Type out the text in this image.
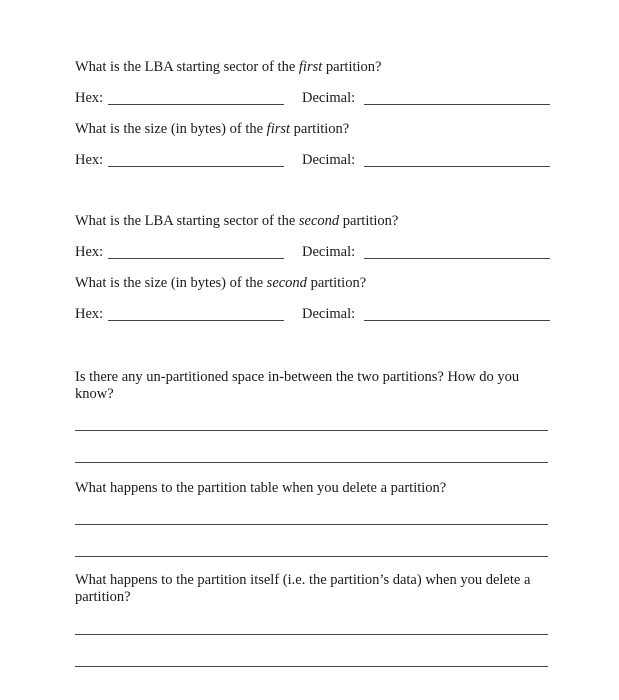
What is the LBA starting sector of the first partition?
Hex:	Decimal:
What is the size (in bytes) of the first partition?
Hex:	Decimal:
What is the LBA starting sector of the second partition?
Hex:	Decimal:
What is the size (in bytes) of the second partition?
Hex:	Decimal:
Is there any un-partitioned space in-between the two partitions? How do you know?
What happens to the partition table when you delete a partition?
What happens to the partition itself (i.e. the partition’s data) when you delete a partition?
